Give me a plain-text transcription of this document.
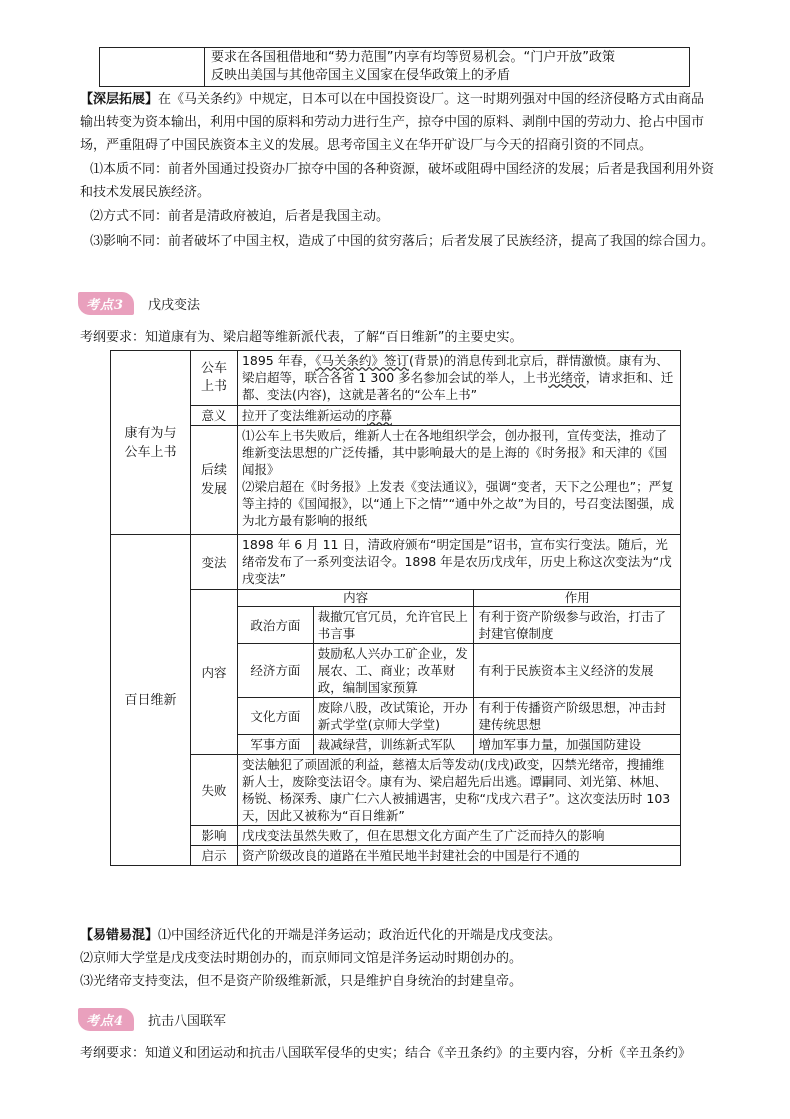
要求在各国租借地和“势力范围”内享有均等贸易机会。“门户开放”政策
反映出美国与其他帝国主义国家在侵华政策上的矛盾
【深层拓展】在《马关条约》中规定，日本可以在中国投资设厂。这一时期列强对中国的经济侵略方式由商品输出转变为资本输出，利用中国的原料和劳动力进行生产，掠夺中国的原料、剥削中国的劳动力、抢占中国市场，严重阻碍了中国民族资本主义的发展。思考帝国主义在华开矿设厂与今天的招商引资的不同点。
⑴本质不同：前者外国通过投资办厂掠夺中国的各种资源，破坏或阻碍中国经济的发展；后者是我国利用外资和技术发展民族经济。
⑵方式不同：前者是清政府被迫，后者是我国主动。
⑶影响不同：前者破坏了中国主权，造成了中国的贫穷落后；后者发展了民族经济，提高了我国的综合国力。
考点3	戊戌变法
考纲要求：知道康有为、梁启超等维新派代表，了解“百日维新”的主要史实。
康有为与公车上书	公车上书	1895 年春，《马关条约》签订(背景)的消息传到北京后，群情激愤。康有为、梁启超等，联合各省 1 300 多名参加会试的举人，上书光绪帝，请求拒和、迁都、变法(内容)，这就是著名的“公车上书”		
	意义	拉开了变法维新运动的序幕		
	后续发展	⑴公车上书失败后，维新人士在各地组织学会，创办报刊，宣传变法，推动了维新变法思想的广泛传播，其中影响最大的是上海的《时务报》和天津的《国闻报》
⑵梁启超在《时务报》上发表《变法通议》，强调“变者，天下之公理也”；严复等主持的《国闻报》，以“通上下之情”“通中外之故”为目的，号召变法图强，成为北方最有影响的报纸		
百日维新	变法	1898 年 6 月 11 日，清政府颁布“明定国是”诏书，宣布实行变法。随后，光绪帝发布了一系列变法诏令。1898 年是农历戊戌年，历史上称这次变法为“戊戌变法”		
	内容	内容		作用
		政治方面	裁撤冗官冗员，允许官民上书言事	有利于资产阶级参与政治，打击了封建官僚制度
		经济方面	鼓励私人兴办工矿企业，发展农、工、商业；改革财政，编制国家预算	有利于民族资本主义经济的发展
		文化方面	废除八股，改试策论，开办新式学堂(京师大学堂)	有利于传播资产阶级思想，冲击封建传统思想
		军事方面	裁减绿营，训练新式军队	增加军事力量，加强国防建设
	失败	变法触犯了顽固派的利益，慈禧太后等发动(戊戌)政变，囚禁光绪帝，搜捕维新人士，废除变法诏令。康有为、梁启超先后出逃。谭嗣同、刘光第、林旭、杨锐、杨深秀、康广仁六人被捕遇害，史称“戊戌六君子”。这次变法历时 103 天，因此又被称为“百日维新”		
	影响	戊戌变法虽然失败了，但在思想文化方面产生了广泛而持久的影响		
	启示	资产阶级改良的道路在半殖民地半封建社会的中国是行不通的		
【易错易混】⑴中国经济近代化的开端是洋务运动；政治近代化的开端是戊戌变法。
⑵京师大学堂是戊戌变法时期创办的，而京师同文馆是洋务运动时期创办的。
⑶光绪帝支持变法，但不是资产阶级维新派，只是维护自身统治的封建皇帝。
考点4	抗击八国联军
考纲要求：知道义和团运动和抗击八国联军侵华的史实；结合《辛丑条约》的主要内容，分析《辛丑条约》
